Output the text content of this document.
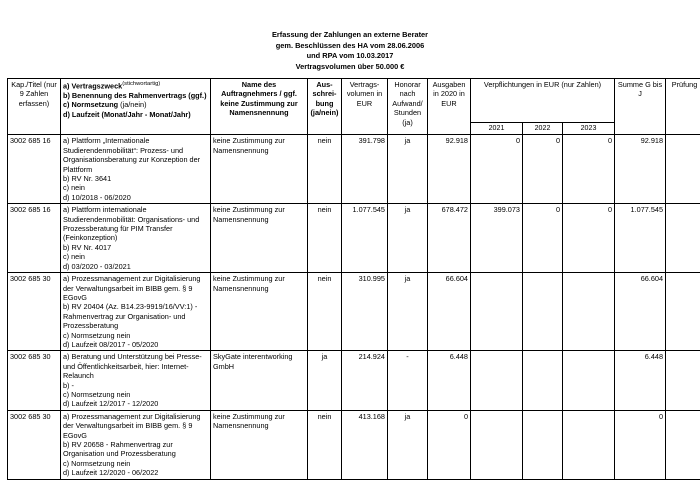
Erfassung der Zahlungen an externe Berater
gem. Beschlüssen des HA vom 28.06.2006
und RPA vom 10.03.2017
Vertragsvolumen über 50.000 €
Kap./Titel (nur 9 Zahlen erfassen)	a) Vertragszweck$^{(stichwortartig)}$
b) Benennung des Rahmenvertrags (ggf.)
c) Normsetzung (ja/nein)
d) Laufzeit (Monat/Jahr - Monat/Jahr)	Name des Auftragnehmers / ggf. keine Zustimmung zur Namensnennung	Aus-schrei-bung (ja/nein)	Vertrags-volumen in EUR	Honorar nach Aufwand/ Stunden (ja)	Ausgaben in 2020 in EUR	Verpflichtungen in EUR (nur Zahlen)			Summe G bis J	Prüfung
							2021	2022	2023		
3002 685 16	a) Plattform „Internationale Studierendenmobilität“: Prozess- und Organisationsberatung zur Konzeption der Plattform
b) RV Nr. 3641
c) nein
d) 10/2018 - 06/2020	keine Zustimmung zur Namensnennung	nein	391.798	ja	92.918	0	0	0	92.918	
3002 685 16	a) Plattform internationale Studierendenmobilität: Organisations- und Prozessberatung für PIM Transfer (Feinkonzeption)
b) RV Nr. 4017
c) nein
d) 03/2020 - 03/2021	keine Zustimmung zur Namensnennung	nein	1.077.545	ja	678.472	399.073	0	0	1.077.545	
3002 685 30	a) Prozessmanagement zur Digitalisierung der Verwaltungsarbeit im BIBB gem. § 9 EGovG
b) RV 20404 (Az. B14.23-9919/16/VV:1) - Rahmenvertrag zur Organisation- und Prozessberatung
c) Normsetzung nein
d) Laufzeit 08/2017 - 05/2020	keine Zustimmung zur Namensnennung	nein	310.995	ja	66.604				66.604	
3002 685 30	a) Beratung und Unterstützung bei Presse- und Öffentlichkeitsarbeit, hier: Internet-Relaunch
b) -
c) Normsetzung nein
d) Laufzeit 12/2017 - 12/2020	SkyGate interentworking GmbH	ja	214.924	-	6.448				6.448	
3002 685 30	a) Prozessmanagement zur Digitalisierung der Verwaltungsarbeit im BIBB gem. § 9 EGovG
b) RV 20658 - Rahmenvertrag zur Organisation und Prozessberatung
c) Normsetzung nein
d) Laufzeit 12/2020 - 06/2022	keine Zustimmung zur Namensnennung	nein	413.168	ja	0				0	
